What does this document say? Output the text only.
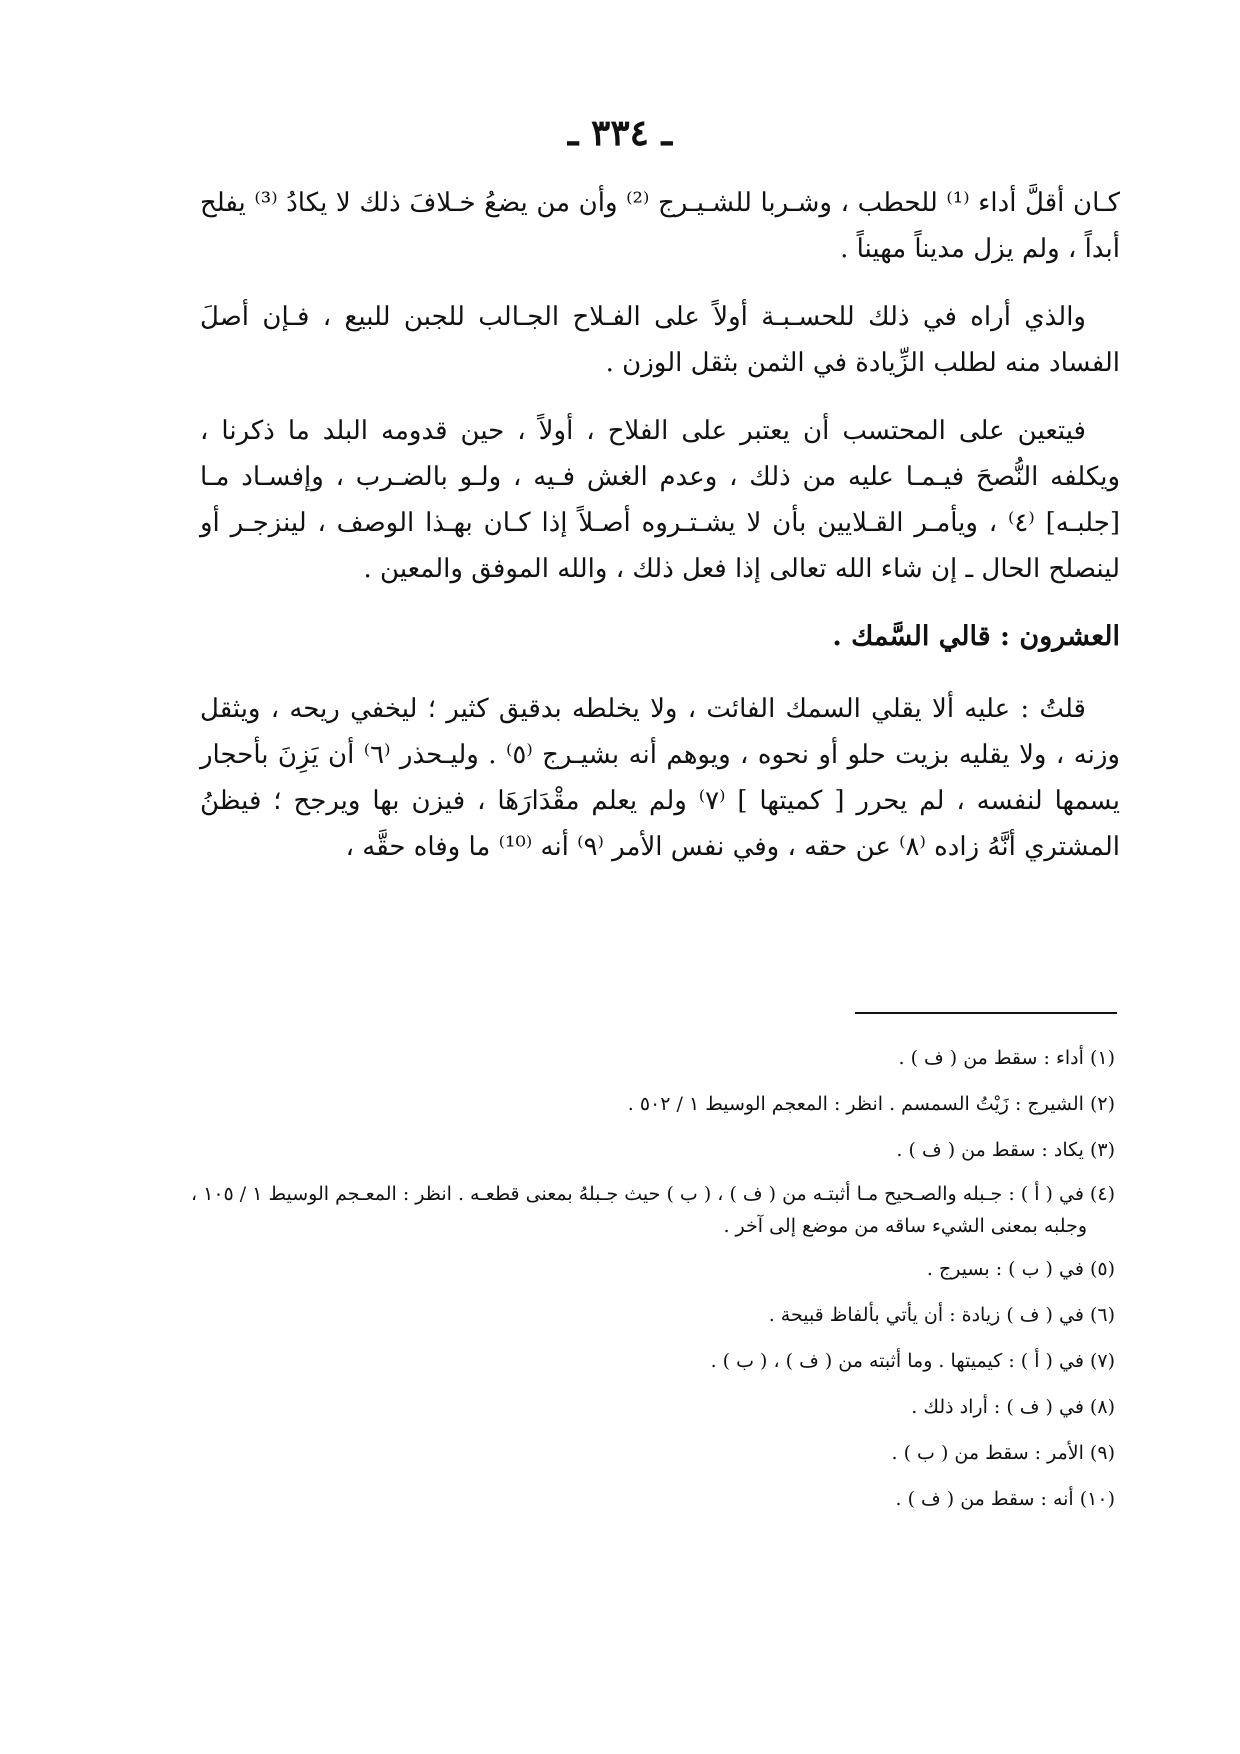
ـ ٣٣٤ ـ

كـان أقلَّ أداء ⁽¹⁾ للحطب ، وشـربا للشـيـرج ⁽²⁾ وأن من يضعُ خـلافَ ذلك لا يكادُ ⁽³⁾ يفلح أبداً ، ولم يزل مديناً مهيناً .

والذي أراه في ذلك للحسـبـة أولاً على الفـلاح الجـالب للجبن للبيع ، فـإن أصلَ الفساد منه لطلب الزِّيادة في الثمن بثقل الوزن .

فيتعين على المحتسب أن يعتبر على الفلاح ، أولاً ، حين قدومه البلد ما ذكرنا ، ويكلفه النُّصحَ فيـمـا عليه من ذلك ، وعدم الغش فـيه ، ولـو بالضـرب ، وإفسـاد مـا [جلبـه] ⁽٤⁾ ، ويأمـر القـلايين بأن لا يشـتـروه أصـلاً إذا كـان بهـذا الوصف ، لينزجـر أو لينصلح الحال ـ إن شاء الله تعالى إذا فعل ذلك ، والله الموفق والمعين .

العشرون : قالي السَّمك .

قلتُ : عليه ألا يقلي السمك الفائت ، ولا يخلطه بدقيق كثير ؛ ليخفي ريحه ، ويثقل وزنه ، ولا يقليه بزيت حلو أو نحوه ، ويوهم أنه بشيـرج ⁽٥⁾ . وليـحذر ⁽٦⁾ أن يَزِنَ بأحجار يسمها لنفسه ، لم يحرر [ كميتها ] ⁽٧⁾ ولم يعلم مقْدَارَهَا ، فيزن بها ويرجح ؛ فيظنُ المشتري أنَّهُ زاده ⁽٨⁾ عن حقه ، وفي نفس الأمر ⁽٩⁾ أنه ⁽¹⁰⁾ ما وفاه حقَّه ،

(١) أداء : سقط من ( ف ) .

(٢) الشيرج : زَيْتُ السمسم . انظر : المعجم الوسيط ١ / ٥٠٢ .

(٣) يكاد : سقط من ( ف ) .

(٤) في ( أ ) : جـبله والصـحيح مـا أثبتـه من ( ف ) ، ( ب ) حيث جـبلهُ بمعنى قطعـه . انظر : المعـجم الوسيط ١ / ١٠٥ ، وجلبه بمعنى الشيء ساقه من موضع إلى آخر .

(٥) في ( ب ) : بسيرج .

(٦) في ( ف ) زيادة : أن يأتي بألفاظ قبيحة .

(٧) في ( أ ) : كيميتها . وما أثبته من ( ف ) ، ( ب ) .

(٨) في ( ف ) : أراد ذلك .

(٩) الأمر : سقط من ( ب ) .

(١٠) أنه : سقط من ( ف ) .
